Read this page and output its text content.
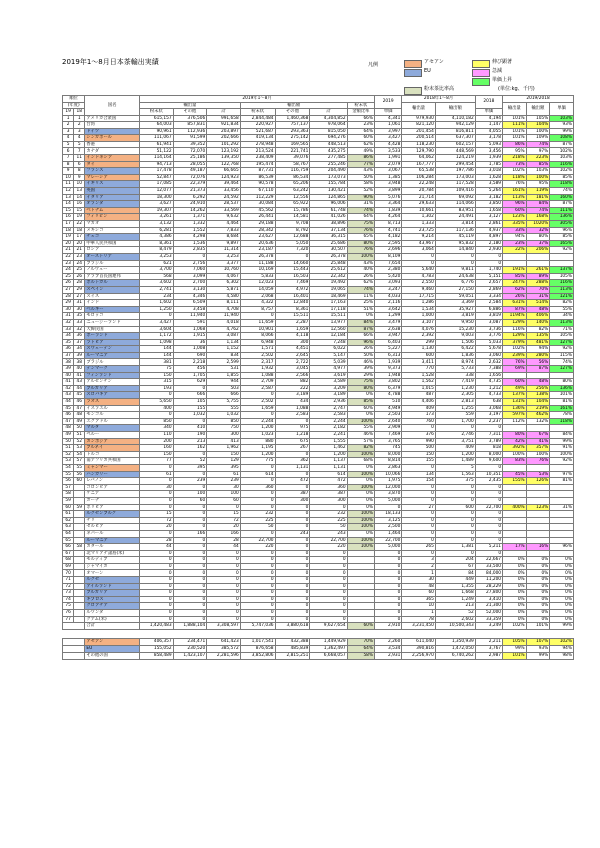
2019年1～8月日本茶輸出実績	凡例	アセアン
EU
伸び顕著
急減
単価上昇
粉末茶比率高	(単位:kg、千円)
順位		国名	2019年1～8月							2019	2018年1～8月		2018	2019/2018		
(年度)			輸出量			輸出額			粉末状		輸出量	輸出額		輸出量	輸出額	単価
19	18		粉末状	その他	計	粉末状	その他	計	金額比率	単価			単価			
1	1	アメリカ合衆国	615,157	376,506	991,658	2,844,484	1,460,368	4,304,852	66%	4,341	979,930	4,110,182	4,194	101%	105%	103%
2	2	台湾	64,003	857,831	921,834	220,927	757,137	978,064	23%	1,061	821,120	942,129	1,147	111%	104%	93%
3	3	ドイツ	90,961	112,936	203,897	521,687	293,363	815,050	64%	3,997	201,454	816,811	4,055	101%	100%	99%
4	4	シンガポール	111,067	91,599	202,666	419,134	275,142	694,276	60%	3,427	200,514	637,307	3,178	101%	109%	108%
5	5	香港	61,941	39,352	101,292	278,948	169,565	448,513	62%	4,428	118,230	602,157	5,093	86%	74%	87%
6	7	カナダ	51,122	72,070	123,192	213,524	221,741	435,275	49%	3,533	129,790	448,569	3,456	95%	97%	102%
7	11	インドネシア	114,164	25,186	139,350	238,409	39,076	277,485	86%	1,991	64,062	124,219	1,939	218%	223%	103%
8	6	タイ	94,713	28,055	122,768	195,474	58,767	255,246	77%	2,079	167,777	299,454	1,785	73%	85%	116%
9	8	フランス	17,478	49,187	66,665	87,731	116,759	204,490	43%	3,067	65,538	197,786	3,018	102%	103%	102%
10	9	マレーシア	52,847	72,076	124,923	86,539	86,534	173,073	50%	1,385	106,284	173,003	1,628	118%	100%	85%
11	10	イギリス	17,085	22,379	39,464	90,578	65,206	155,784	58%	3,948	22,248	117,528	3,589	76%	95%	118%
12	13	英国	12,077	21,373	33,456	67,110	63,242	130,421	52%	3,899	20,784	109,416	5,264	161%	119%	74%
13	14	イタリア	18,300	6,292	24,592	112,229	12,556	124,865	90%	5,076	21,714	69,092	3,182	113%	181%	160%
14	16	オランダ	3,627	24,910	28,537	30,084	65,922	96,006	31%	3,364	29,633	114,066	3,850	96%	84%	87%
15	15	ベトナム	19,307	14,262	33,569	45,562	15,786	61,748	74%	1,839	10,661	83,951	1,658	60%	74%	111%
16	19	フィリピン	3,261	1,371	9,632	26,441	14,581	41,026	64%	4,264	1,302	24,491	3,127	123%	168%	136%
17	22	マカオ	3,132	1,332	4,464	29,188	9,708	38,896	75%	8,713	1,333	3,814	2,861	335%	1020%	305%
18	18	メキシコ	6,281	1,552	7,833	28,342	8,792	37,134	76%	4,741	23,725	117,136	4,937	33%	32%	96%
19	17	チェコ	4,386	4,298	8,684	23,627	12,688	36,315	65%	4,182	9,214	45,119	4,897	94%	80%	85%
20	20	中華人民共和国	8,361	1,536	9,897	20,636	5,050	25,686	80%	2,595	43,967	95,832	2,180	23%	37%	165%
21	21	ロシア	8,479	2,835	11,314	23,187	7,320	30,507	76%	2,696	3,064	14,840	2,930	22%	206%	92%
22	23	オーストリア	3,253	0	3,253	26,378	0	26,378	100%	8,109	0	0	0			
23	24	ブラジル	621	2,756	3,377	11,188	14,660	25,848	43%	7,654	0	0	0			
24	25	ノルウェー	3,700	7,060	10,760	10,169	15,443	25,612	40%	2,380	5,640	9,811	1,740	191%	261%	137%
25	26	アラブ首長国連邦	568	3,099	4,067	5,833	16,503	22,342	26%	5,420	4,783	24,638	5,151	85%	89%	105%
26	28	ポルトガル	3,602	2,700	6,302	12,023	7,469	19,492	62%	3,093	2,550	6,776	2,657	247%	288%	116%
27	29	スペイン	2,741	3,130	5,871	14,059	4,972	19,065	74%	3,247	9,460	27,150	2,869	62%	70%	113%
28	27	スイス	234	4,346	4,580	2,068	16,401	18,469	11%	4,033	17,715	59,051	3,334	26%	31%	121%
29	31	インド	1,602	6,509	8,111	4,322	12,840	17,163	25%	2,116	1,286	3,369	2,584	631%	514%	82%
30	30	ベルギー	1,250	3,458	4,708	8,757	8,361	17,118	51%	3,642	1,534	35,927	6,886	87%	48%	55%
31	35	モロッコ	0	11,940	11,940	0	15,511	15,511	0%	1,299	1,000	3,819	3,819	1194%	406%	34%
32	33	ニュージーランド	3,427	591	4,018	11,659	2,287	13,977	84%	3,479	3,107	9,950	3,087	129%	140%	113%
33	32	大韓民国	3,604	1,068	4,762	10,901	1,659	12,560	87%	2,638	4,076	15,230	3,736	116%	82%	71%
34	36	ポーランド	1,172	1,915	3,087	8,066	4,118	12,184	66%	3,947	2,392	9,003	3,776	129%	135%	105%
35	37	ラトビア	1,098	36	1,134	6,948	300	7,248	96%	6,403	299	1,506	5,033	379%	481%	127%
36	34	スウェーデン	144	1,008	1,152	1,571	4,451	6,022	26%	5,227	1,130	6,422	5,678	102%	94%	92%
37	39	ルーマニア	144	690	834	2,502	2,645	5,147	50%	6,313	600	1,836	3,060	239%	280%	115%
38	38	ブラジル	381	2,218	2,599	2,317	2,722	5,039	46%	1,939	3,411	8,974	2,632	76%	56%	74%
39	40	デンマーク	75	456	531	1,932	3,045	4,977	39%	9,373	770	5,733	7,388	69%	87%	127%
40	41	フィンランド	150	1,705	1,855	1,088	2,566	3,619	29%	1,948	1,528	338	1,656			
41	43	アルゼンチン	315	629	944	2,709	882	3,589	75%	3,802	1,562	7,419	4,735	60%	48%	80%
42	44	ブルガリア	193	0	503	2,587	222	3,209	80%	6,379	1,015	1,230	1,212	49%	256%	136%
43	45	スロバキア	0	666	666	0	3,189	3,189	0%	4,788	487	2,305	4,733	137%	138%	101%
44	46	ラオス	5,650	105	5,755	2,502	434	2,936	85%	510	4,406	2,813	638	131%	104%	81%
45	47	イスラエル	400	155	555	1,659	1,088	2,747	60%	4,949	409	1,255	3,068	136%	219%	161%
46	48	モンゴル	0	1,032	1,032	0	2,583	2,583	0%	2,503	173	559	3,197	597%	462%	78%
47	49	エクアドル	850	0	850	2,244	0	2,244	100%	2,640	760	1,700	2,237	112%	132%	118%
48	50	マルタ	340	410	750	1,200	975	2,182	55%	2,909	0	0	0			
49	51	ペルー	110	190	300	1,023	1,218	2,241	46%	7,469	376	2,746	7,311	80%	67%	84%
50	52	カンボジア	200	213	413	880	675	1,555	57%	3,765	990	3,751	3,789	42%	41%	99%
51	53	ブルネイ	160	162	1,962	1,195	267	1,462	82%	745	500	409	818	392%	357%	91%
52	54	トルコ	150	0	150	1,200	0	1,200	100%	8,000	150	1,200	8,000	100%	100%	100%
53	57	南アフリカ共和国	77	52	129	775	362	1,137	68%	8,814	155	1,489	9,600	83%	76%	92%
54	55	ミャンマー	0	395	395	0	1,131	1,131	0%	2,863	0	5	0			
55	56	ハンガリー	61	0	61	614	0	614	100%	10,066	134	1,563	10,351	45%	53%	97%
56	60	レバノン	0	239	239	0	472	472	0%	1,975	154	375	2,435	155%	126%	81%
57		コロンビア	30	0	30	360	0	360	100%	12,000	0	0	0			
58		ケニア	0	100	100	0	387	387	0%	3,870	0	0	0			
59		ガーナ	0	60	60	0	300	300	0%	5,000	0	0	0			
60	59	ボリビア	0	0	0	0	0	0	0%	0	27	600	22,700	400%	123%	31%
61		ルクセンブルク	15	0	15	232	0	232	100%	18,133	0	0	0			
62		チリ	72	0	72	225	0	225	100%	3,125	0	0	0			
63		セルビア	20	0	20	50	0	50	100%	2,500	0	0	0			
64		ネパール	0	166	166	0	243	243	0%	1,464	0	0	0			
65		ルーマニア	28	0	28	22,700	0	22,700	100%	22,700	0	0	0			
66	58	カタール	44	0	44	220	0	220	100%	5,000	265	1,381	5,211	17%	16%	96%
67		北マリアナ諸島(米)	0	0	0	0	0	0		0	0	0	0			
68		モルディブ	0	0	0	0	0	0		0	3	204	22,667	0%	0%	0%
69		ジャマイカ	0	0	0	0	0	0		0	2	67	33,500	0%	0%	0%
70		オマーン	0	0	0	0	0	0		0	1	84	84,000	0%	0%	0%
71		ルクセ	0	0	0	0	0	0		0	30	449	11,200	0%	0%	0%
72		アイルランド	0	0	0	0	0	0		0	48	1,355	28,229	0%	0%	0%
73		ブルガリア	0	0	0	0	0	0		0	60	1,668	27,800	0%	0%	0%
74		キプロス	0	0	0	0	0	0		0	365	1,249	3,410	0%	0%	0%
75		クロアチア	0	0	0	0	0	0		0	10	213	21,300	0%	0%	0%
76		ルワンダ	0	0	0	0	0	0		0	1	52	52,000	0%	0%	0%
77		グアム(米)	0	0	0	0	0	0		0	78	2,602	33,359	0%	0%	0%
		合計	1,420,483	1,888,104	3,308,597	5,747,036	3,880,618	9,627,654	60%	2,910	3,231,450	10,500,343	3,249	102%	101%	99%

		アセアン	406,357	234,471	641,423	1,017,541	432,388	1,449,929	70%	2,260	611,040	1,350,939	2,211	105%	107%	102%
		EU	155,052	230,520	385,572	876,658	485,839	1,362,497	64%	3,534	390,816	1,472,050	3,767	99%	93%	94%
		その他の国	858,489	1,423,107	2,281,596	3,852,806	2,815,251	6,668,057	58%	2,931	2,256,970	6,740,262	2,987	101%	99%	98%
